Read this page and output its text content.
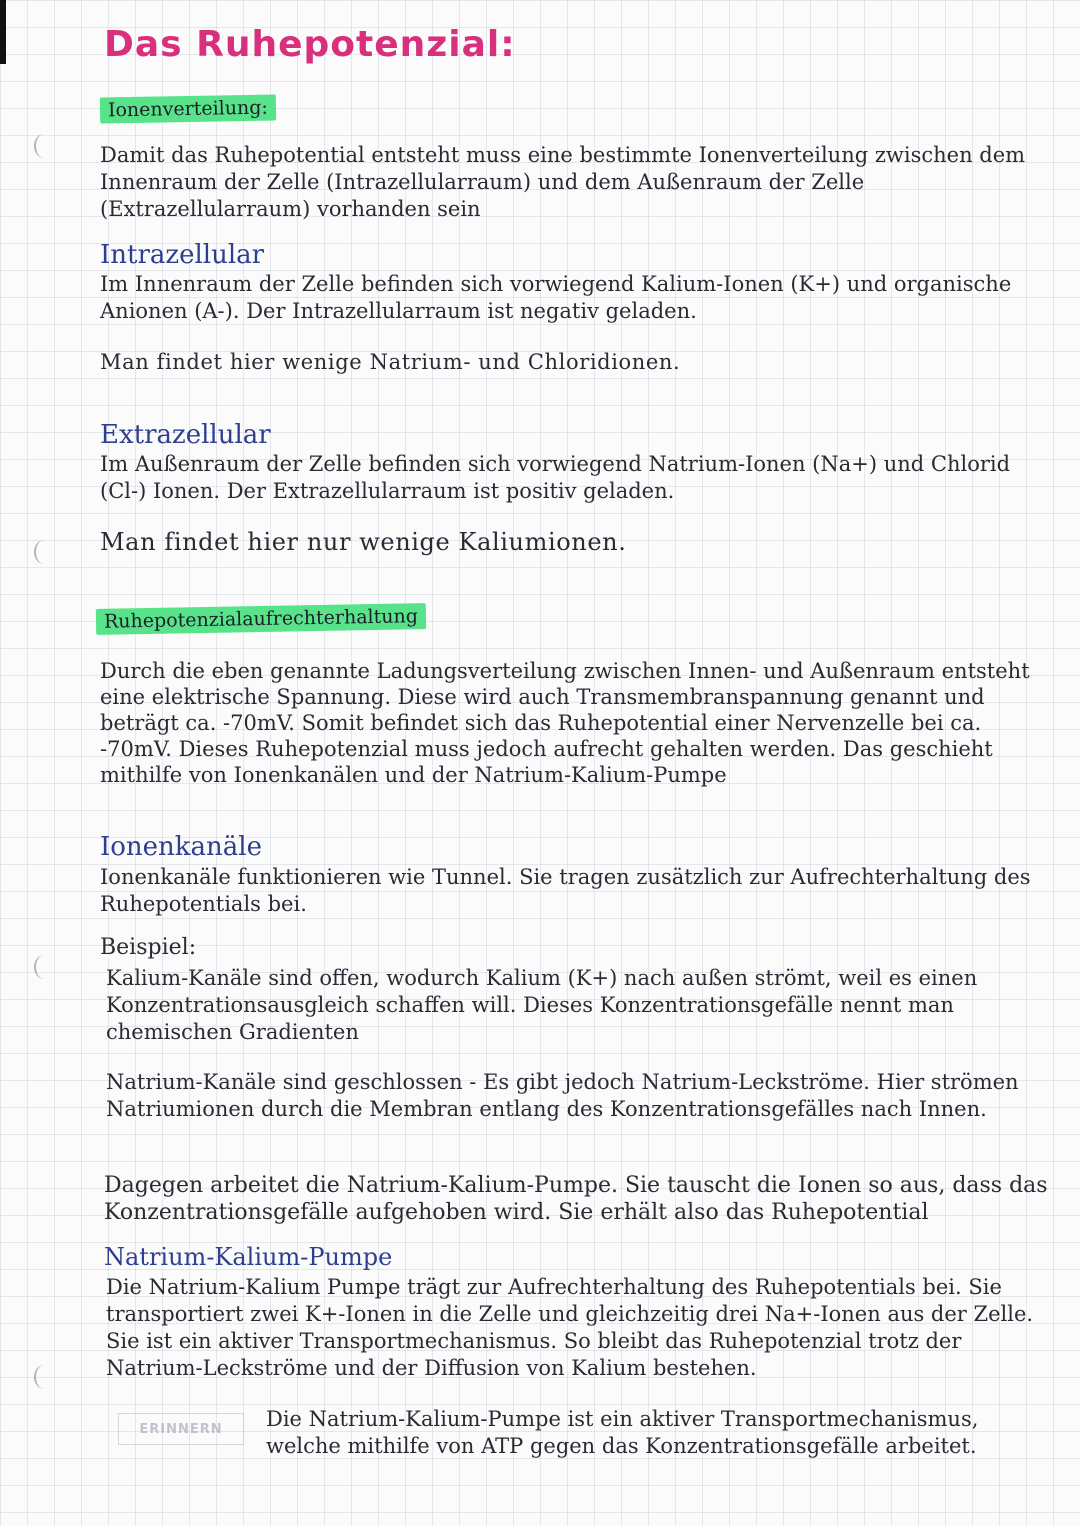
Das Ruhepotenzial:
Ionenverteilung:

Damit das Ruhepotential entsteht muss eine bestimmte Ionenverteilung zwischen dem Innenraum der Zelle (Intrazellularraum) und dem Außenraum der Zelle (Extrazellularraum) vorhanden sein

Intrazellular

Im Innenraum der Zelle befinden sich vorwiegend Kalium-Ionen (K+) und organische Anionen (A-). Der Intrazellularraum ist negativ geladen.

Man findet hier wenige Natrium- und Chloridionen.

Extrazellular

Im Außenraum der Zelle befinden sich vorwiegend Natrium-Ionen (Na+) und Chlorid (Cl-) Ionen. Der Extrazellularraum ist positiv geladen.

Man findet hier nur wenige Kaliumionen.

Ruhepotenzialaufrechterhaltung

Durch die eben genannte Ladungsverteilung zwischen Innen- und Außenraum entsteht eine elektrische Spannung. Diese wird auch Transmembranspannung genannt und beträgt ca. -70mV. Somit befindet sich das Ruhepotential einer Nervenzelle bei ca. -70mV. Dieses Ruhepotenzial muss jedoch aufrecht gehalten werden. Das geschieht mithilfe von Ionenkanälen und der Natrium-Kalium-Pumpe

Ionenkanäle

Ionenkanäle funktionieren wie Tunnel. Sie tragen zusätzlich zur Aufrechterhaltung des Ruhepotentials bei.

Beispiel:

Kalium-Kanäle sind offen, wodurch Kalium (K+) nach außen strömt, weil es einen Konzentrationsausgleich schaffen will. Dieses Konzentrationsgefälle nennt man chemischen Gradienten

Natrium-Kanäle sind geschlossen - Es gibt jedoch Natrium-Leckströme. Hier strömen Natriumionen durch die Membran entlang des Konzentrationsgefälles nach Innen.

Dagegen arbeitet die Natrium-Kalium-Pumpe. Sie tauscht die Ionen so aus, dass das Konzentrationsgefälle aufgehoben wird. Sie erhält also das Ruhepotential

Natrium-Kalium-Pumpe

Die Natrium-Kalium Pumpe trägt zur Aufrechterhaltung des Ruhepotentials bei. Sie transportiert zwei K+-Ionen in die Zelle und gleichzeitig drei Na+-Ionen aus der Zelle. Sie ist ein aktiver Transportmechanismus. So bleibt das Ruhepotenzial trotz der Natrium-Leckströme und der Diffusion von Kalium bestehen.

ERINNERN	Die Natrium-Kalium-Pumpe ist ein aktiver Transportmechanismus, welche mithilfe von ATP gegen das Konzentrationsgefälle arbeitet.
